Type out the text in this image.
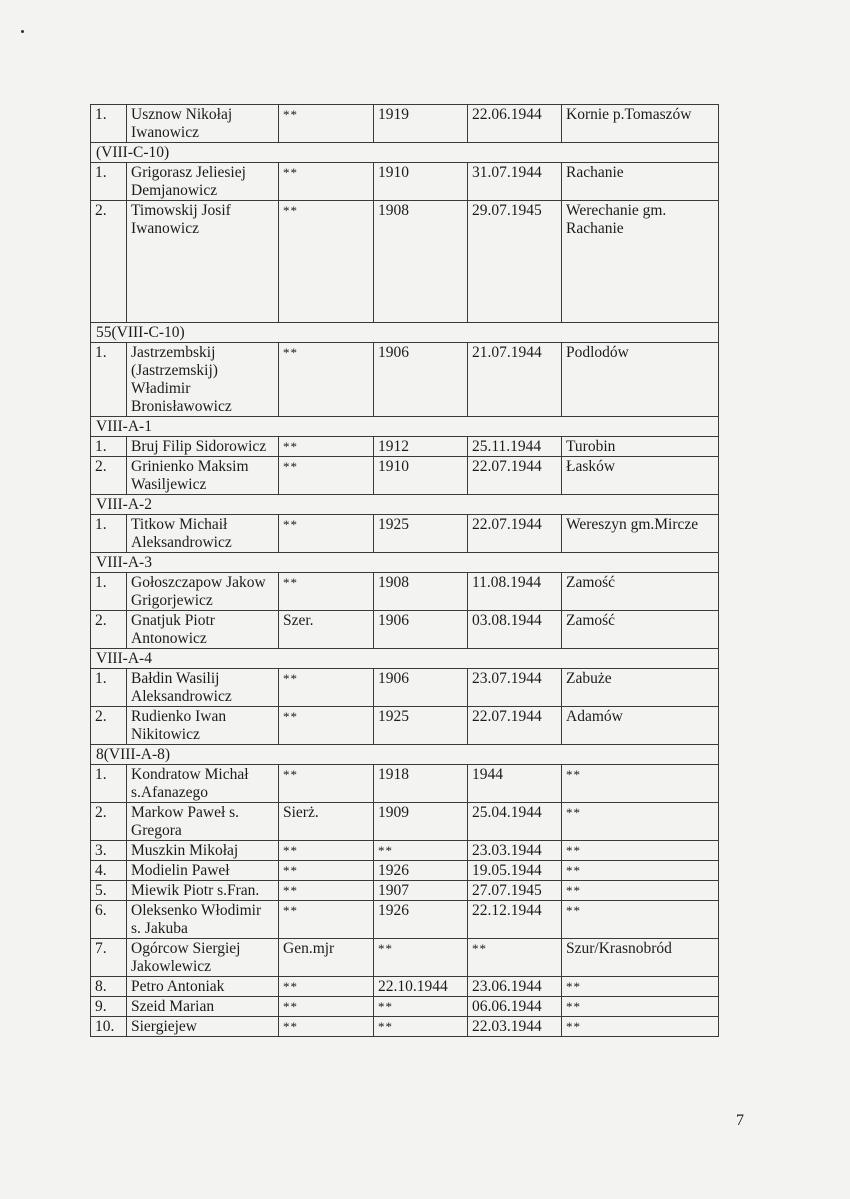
1.	Usznow Nikołaj Iwanowicz	**	1919	22.06.1944	Kornie p.Tomaszów
(VIII-C-10)					
1.	Grigorasz Jeliesiej Demjanowicz	**	1910	31.07.1944	Rachanie
2.	Timowskij Josif Iwanowicz	**	1908	29.07.1945	Werechanie gm. Rachanie
55(VIII-C-10)					
1.	Jastrzembskij (Jastrzemskij) Władimir Bronisławowicz	**	1906	21.07.1944	Podlodów
VIII-A-1					
1.	Bruj Filip Sidorowicz	**	1912	25.11.1944	Turobin
2.	Grinienko Maksim Wasiljewicz	**	1910	22.07.1944	Łasków
VIII-A-2					
1.	Titkow Michaił Aleksandrowicz	**	1925	22.07.1944	Wereszyn gm.Mircze
VIII-A-3					
1.	Gołoszczapow Jakow Grigorjewicz	**	1908	11.08.1944	Zamość
2.	Gnatjuk Piotr Antonowicz	Szer.	1906	03.08.1944	Zamość
VIII-A-4					
1.	Bałdin Wasilij Aleksandrowicz	**	1906	23.07.1944	Zabuże
2.	Rudienko Iwan Nikitowicz	**	1925	22.07.1944	Adamów
8(VIII-A-8)					
1.	Kondratow Michał s.Afanazego	**	1918	1944	**
2.	Markow Paweł s. Gregora	Sierż.	1909	25.04.1944	**
3.	Muszkin Mikołaj	**	**	23.03.1944	**
4.	Modielin Paweł	**	1926	19.05.1944	**
5.	Miewik Piotr s.Fran.	**	1907	27.07.1945	**
6.	Oleksenko Włodimir s. Jakuba	**	1926	22.12.1944	**
7.	Ogórcow Siergiej Jakowlewicz	Gen.mjr	**	**	Szur/Krasnobród
8.	Petro Antoniak	**	22.10.1944	23.06.1944	**
9.	Szeid Marian	**	**	06.06.1944	**
10.	Siergiejew	**	**	22.03.1944	**
7
